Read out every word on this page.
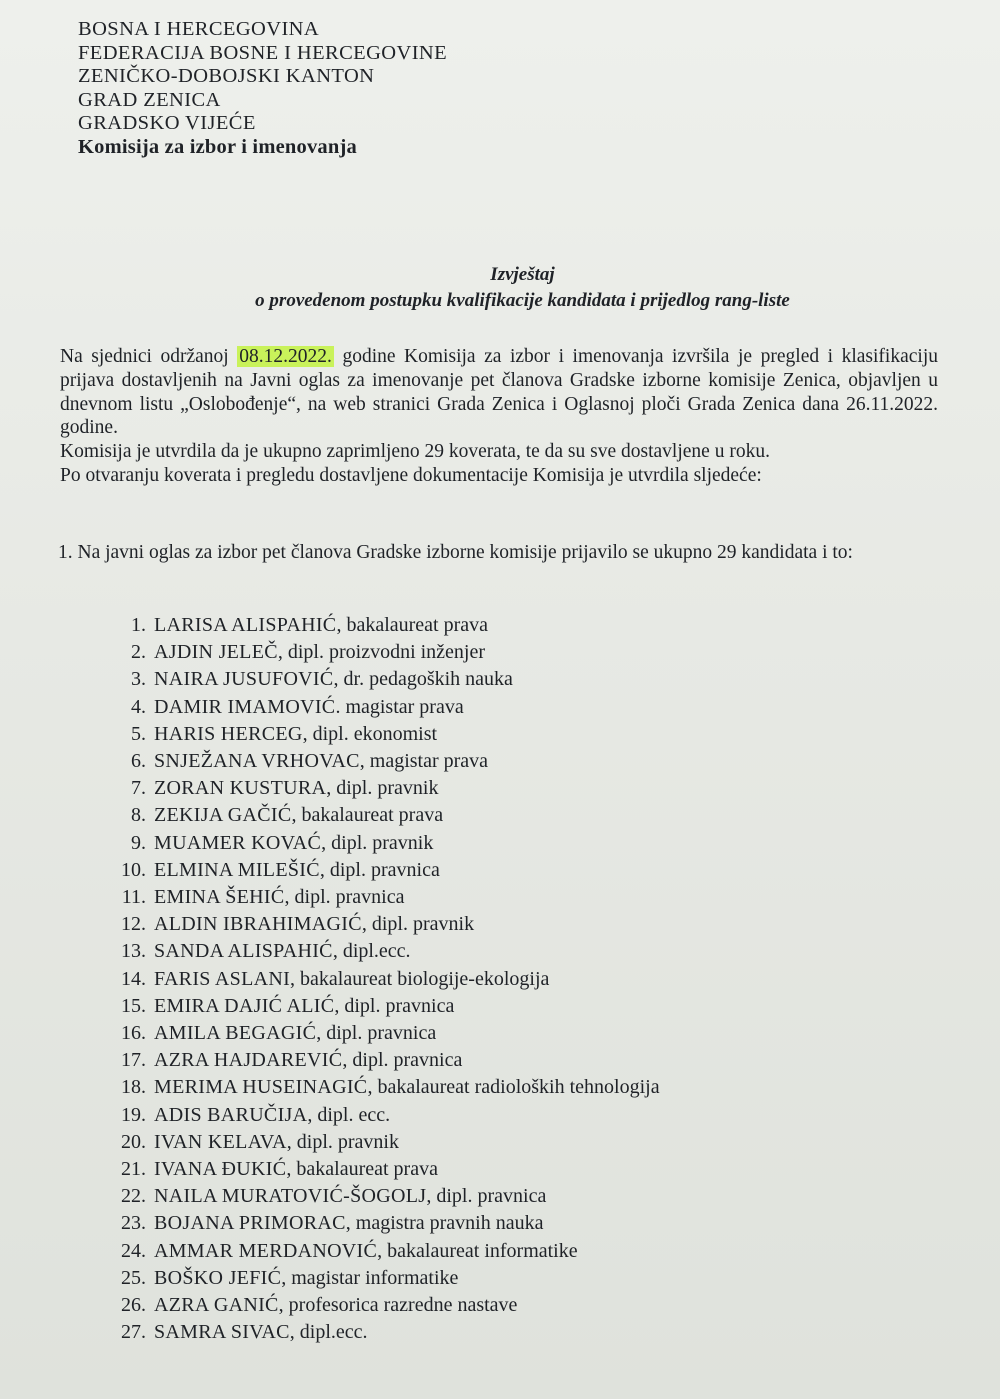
BOSNA I HERCEGOVINA
FEDERACIJA BOSNE I HERCEGOVINE
ZENIČKO-DOBOJSKI KANTON
GRAD ZENICA
GRADSKO VIJEĆE
Komisija za izbor i imenovanja
Izvještaj
o provedenom postupku kvalifikacije kandidata i prijedlog rang-liste
Na sjednici održanoj 08.12.2022. godine Komisija za izbor i imenovanja izvršila je pregled i klasifikaciju prijava dostavljenih na Javni oglas za imenovanje pet članova Gradske izborne komisije Zenica, objavljen u dnevnom listu „Oslobođenje“, na web stranici Grada Zenica i Oglasnoj ploči Grada Zenica dana 26.11.2022. godine.
Komisija je utvrdila da je ukupno zaprimljeno 29 koverata, te da su sve dostavljene u roku.
Po otvaranju koverata i pregledu dostavljene dokumentacije Komisija je utvrdila sljedeće:
1. Na javni oglas za izbor pet članova Gradske izborne komisije prijavilo se ukupno 29 kandidata i to:
1. LARISA ALISPAHIĆ, bakalaureat prava
2. AJDIN JELEČ, dipl. proizvodni inženjer
3. NAIRA JUSUFOVIĆ, dr. pedagoških nauka
4. DAMIR IMAMOVIĆ. magistar prava
5. HARIS HERCEG, dipl. ekonomist
6. SNJEŽANA VRHOVAC, magistar prava
7. ZORAN KUSTURA, dipl. pravnik
8. ZEKIJA GAČIĆ, bakalaureat prava
9. MUAMER KOVAĆ, dipl. pravnik
10. ELMINA MILEŠIĆ, dipl. pravnica
11. EMINA ŠEHIĆ, dipl. pravnica
12. ALDIN IBRAHIMAGIĆ, dipl. pravnik
13. SANDA ALISPAHIĆ, dipl.ecc.
14. FARIS ASLANI, bakalaureat biologije-ekologija
15. EMIRA DAJIĆ ALIĆ, dipl. pravnica
16. AMILA BEGAGIĆ, dipl. pravnica
17. AZRA HAJDAREVIĆ, dipl. pravnica
18. MERIMA HUSEINAGIĆ, bakalaureat radioloških tehnologija
19. ADIS BARUČIJA, dipl. ecc.
20. IVAN KELAVA, dipl. pravnik
21. IVANA ĐUKIĆ, bakalaureat prava
22. NAILA MURATOVIĆ-ŠOGOLJ, dipl. pravnica
23. BOJANA PRIMORAC, magistra pravnih nauka
24. AMMAR MERDANOVIĆ, bakalaureat informatike
25. BOŠKO JEFIĆ, magistar informatike
26. AZRA GANIĆ, profesorica razredne nastave
27. SAMRA SIVAC, dipl.ecc.
